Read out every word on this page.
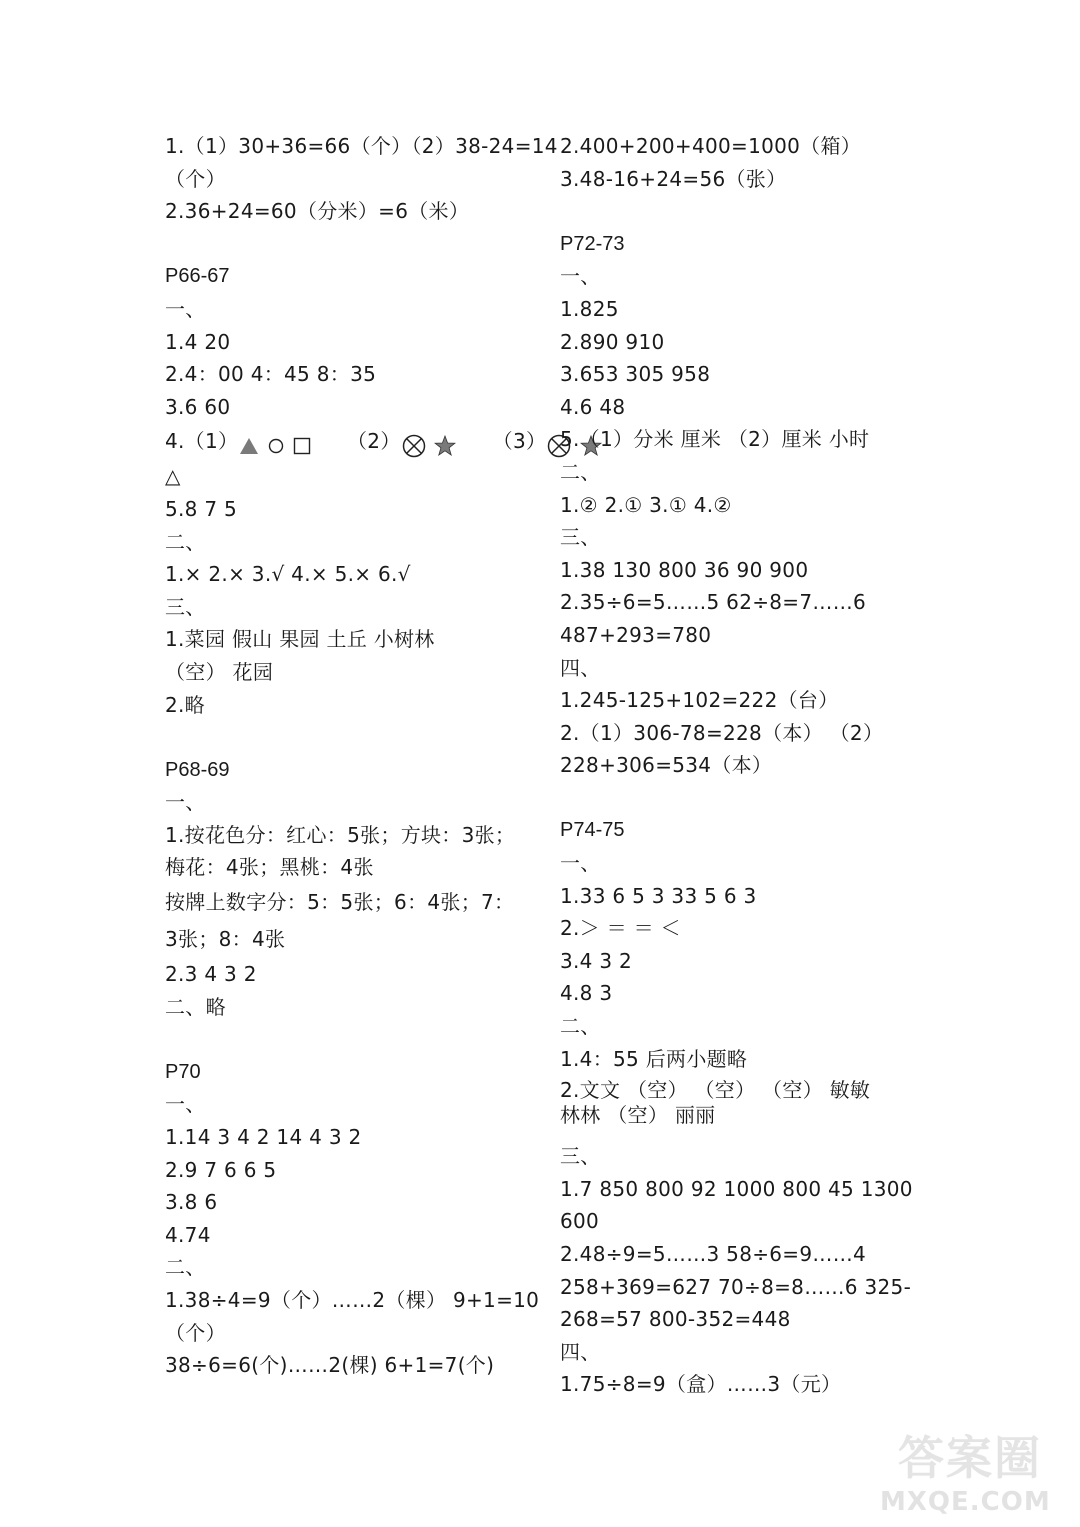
1.（1）30+36=66（个）（2）38-24=14
（个）
2.36+24=60（分米）=6（米）
P66-67
一、
1.4 20
2.4：00 4：45 8：35
3.6 60
4.（1）	（2）	（3）
△
5.8 7 5
二、
1.× 2.× 3.√ 4.× 5.× 6.√
三、
1.菜园 假山 果园 土丘 小树林
（空） 花园
2.略
P68-69
一、
1.按花色分：红心：5张；方块：3张；
梅花：4张；黑桃：4张
按牌上数字分：5：5张；6：4张；7：
3张；8：4张
2.3 4 3 2
二、略
P70
一、
1.14 3 4 2 14 4 3 2
2.9 7 6 6 5
3.8 6
4.74
二、
1.38÷4=9（个）……2（棵） 9+1=10
（个）
38÷6=6(个)……2(棵) 6+1=7(个)
2.400+200+400=1000（箱）
3.48-16+24=56（张）
P72-73
一、
1.825
2.890 910
3.653 305 958
4.6 48
5.（1）分米 厘米 （2）厘米 小时
二、
1.② 2.① 3.① 4.②
三、
1.38 130 800 36 90 900
2.35÷6=5……5 62÷8=7……6
487+293=780
四、
1.245-125+102=222（台）
2.（1）306-78=228（本） （2）
228+306=534（本）
P74-75
一、
1.33 6 5 3 33 5 6 3
2.＞ ＝ ＝ ＜
3.4 3 2
4.8 3
二、
1.4：55 后两小题略
2.文文 （空） （空） （空） 敏敏
林林 （空） 丽丽
三、
1.7 850 800 92 1000 800 45 1300
600
2.48÷9=5……3 58÷6=9……4
258+369=627 70÷8=8……6 325-
268=57 800-352=448
四、
1.75÷8=9（盒）……3（元）
答案圈
MXQE.COM
